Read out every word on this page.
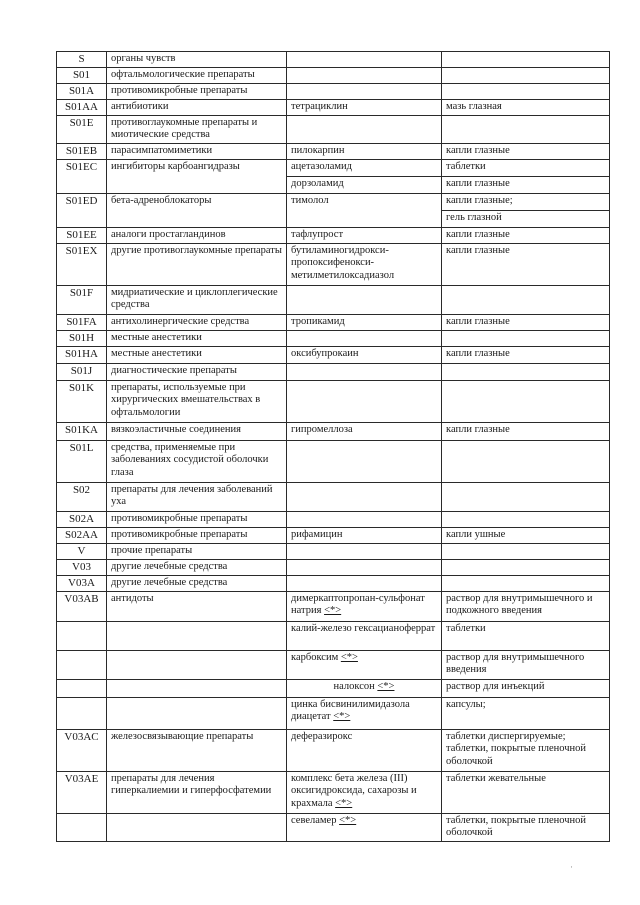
S	органы чувств		
S01	офтальмологические препараты		
S01A	противомикробные препараты		
S01AA	антибиотики	тетрациклин	мазь глазная
S01E	противоглаукомные препараты и миотические средства		
S01EB	парасимпатомиметики	пилокарпин	капли глазные
S01EC	ингибиторы карбоангидразы	ацетазоламид	таблетки
		дорзоламид	капли глазные
S01ED	бета-адреноблокаторы	тимолол	капли глазные;
			гель глазной
S01EE	аналоги простагландинов	тафлупрост	капли глазные
S01EX	другие противоглаукомные препараты	бутиламиногидрокси-пропоксифенокси-метилметилоксадиазол	капли глазные
S01F	мидриатические и циклоплегические средства		
S01FA	антихолинергические средства	тропикамид	капли глазные
S01H	местные анестетики		
S01HA	местные анестетики	оксибупрокаин	капли глазные
S01J	диагностические препараты		
S01K	препараты, используемые при хирургических вмешательствах в офтальмологии		
S01KA	вязкоэластичные соединения	гипромеллоза	капли глазные
S01L	средства, применяемые при заболеваниях сосудистой оболочки глаза		
S02	препараты для лечения заболеваний уха		
S02A	противомикробные препараты		
S02AA	противомикробные препараты	рифамицин	капли ушные
V	прочие препараты		
V03	другие лечебные средства		
V03A	другие лечебные средства		
V03AB	антидоты	димеркаптопропан-сульфонат натрия <*>	раствор для внутримышечного и подкожного введения
		калий-железо гексацианоферрат	таблетки
		карбоксим <*>	раствор для внутримышечного введения
		налоксон <*>	раствор для инъекций
		цинка бисвинилимидазола диацетат <*>	капсулы;
V03AC	железосвязывающие препараты	деферазирокс	таблетки диспергируемые; таблетки, покрытые пленочной оболочкой
V03AE	препараты для лечения гиперкалиемии и гиперфосфатемии	комплекс бета железа (III) оксигидроксида, сахарозы и крахмала <*>	таблетки жевательные
		севеламер <*>	таблетки, покрытые пленочной оболочкой
·
